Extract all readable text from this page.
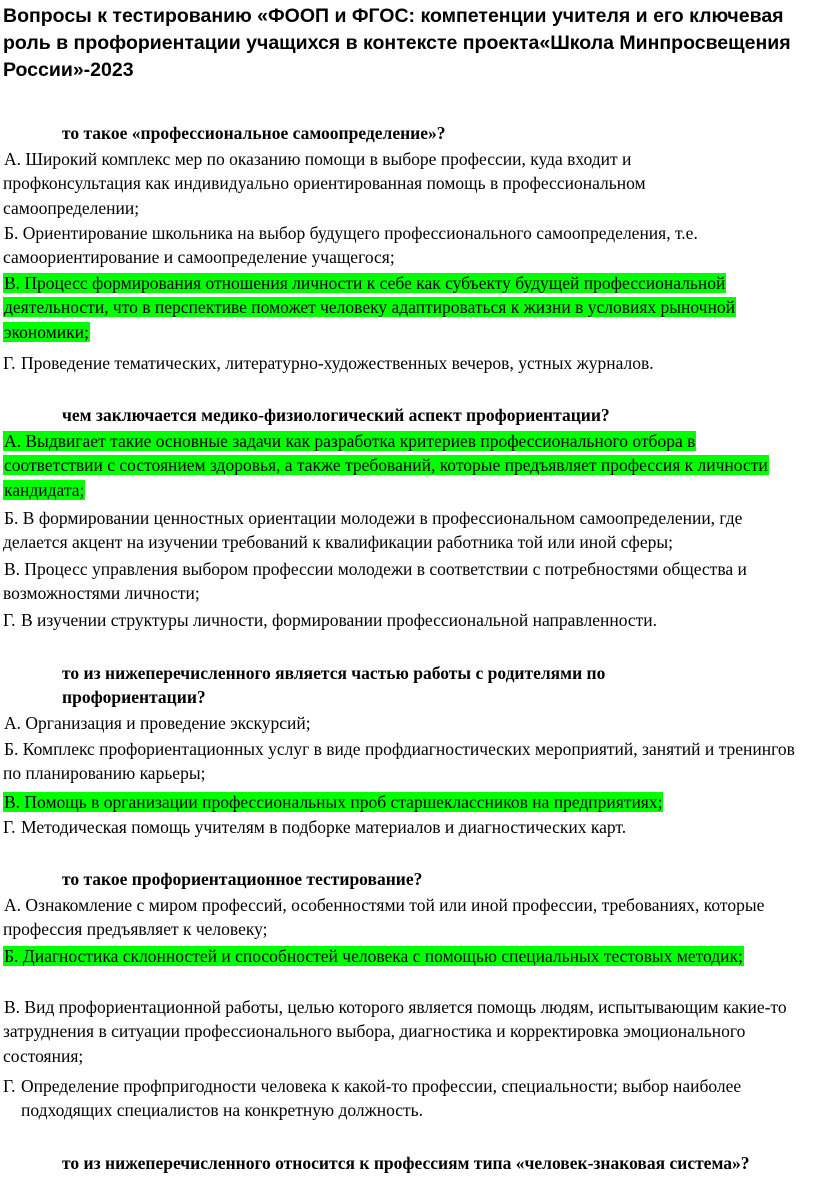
Вопросы к тестированию «ФООП и ФГОС: компетенции учителя и его ключевая роль в профориентации учащихся в контексте проекта«Школа Минпросвещения России»-2023

то такое «профессиональное самоопределение»?

А. Широкий комплекс мер по оказанию помощи в выборе профессии, куда входит и профконсультация как индивидуально ориентированная помощь в профессиональном самоопределении;

Б. Ориентирование школьника на выбор будущего профессионального самоопределения, т.е. самоориентирование и самоопределение учащегося;

В. Процесс формирования отношения личности к себе как субъекту будущей профессиональной деятельности, что в перспективе поможет человеку адаптироваться к жизни в условиях рыночной экономики;

Г. Проведение тематических, литературно-художественных вечеров, устных журналов.

чем заключается медико-физиологический аспект профориентации?

А. Выдвигает такие основные задачи как разработка критериев профессионального отбора в соответствии с состоянием здоровья, а также требований, которые предъявляет профессия к личности кандидата;

Б. В формировании ценностных ориентации молодежи в профессиональном самоопределении, где делается акцент на изучении требований к квалификации работника той или иной сферы;

В. Процесс управления выбором профессии молодежи в соответствии с потребностями общества и возможностями личности;

Г. В изучении структуры личности, формировании профессиональной направленности.

то из нижеперечисленного является частью работы с родителями по профориентации?

А. Организация и проведение экскурсий;

Б. Комплекс профориентационных услуг в виде профдиагностических мероприятий, занятий и тренингов по планированию карьеры;

В. Помощь в организации профессиональных проб старшеклассников на предприятиях;

Г. Методическая помощь учителям в подборке материалов и диагностических карт.

то такое профориентационное тестирование?

А. Ознакомление с миром профессий, особенностями той или иной профессии, требованиях, которые профессия предъявляет к человеку;

Б. Диагностика склонностей и способностей человека с помощью специальных тестовых методик;

В. Вид профориентационной работы, целью которого является помощь людям, испытывающим какие-то затруднения в ситуации профессионального выбора, диагностика и корректировка эмоционального состояния;

Г. Определение профпригодности человека к какой-то профессии, специальности; выбор наиболее подходящих специалистов на конкретную должность.

то из нижеперечисленного относится к профессиям типа «человек-знаковая система»?
